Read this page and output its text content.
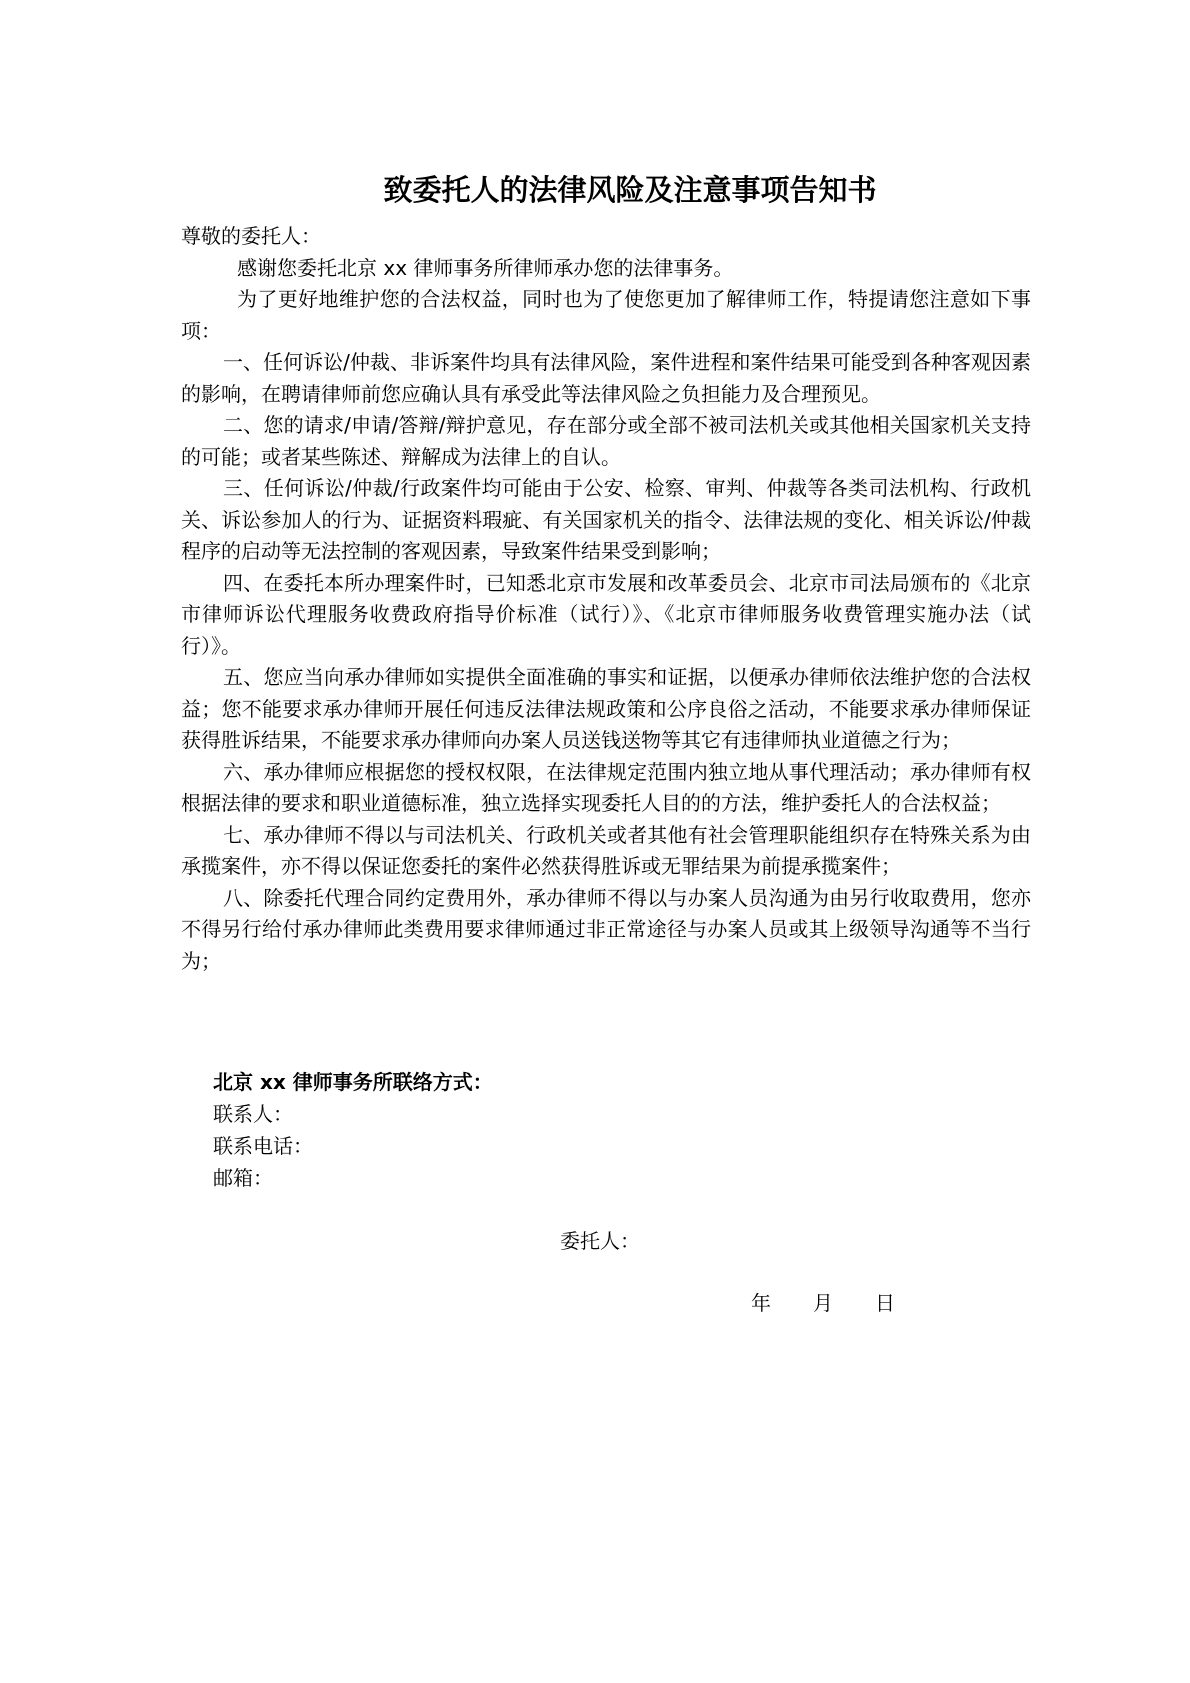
致委托人的法律风险及注意事项告知书

尊敬的委托人：

感谢您委托北京 xx 律师事务所律师承办您的法律事务。

为了更好地维护您的合法权益，同时也为了使您更加了解律师工作，特提请您注意如下事项：

一、任何诉讼/仲裁、非诉案件均具有法律风险，案件进程和案件结果可能受到各种客观因素的影响，在聘请律师前您应确认具有承受此等法律风险之负担能力及合理预见。

二、您的请求/申请/答辩/辩护意见，存在部分或全部不被司法机关或其他相关国家机关支持的可能；或者某些陈述、辩解成为法律上的自认。

三、任何诉讼/仲裁/行政案件均可能由于公安、检察、审判、仲裁等各类司法机构、行政机关、诉讼参加人的行为、证据资料瑕疵、有关国家机关的指令、法律法规的变化、相关诉讼/仲裁程序的启动等无法控制的客观因素，导致案件结果受到影响；

四、在委托本所办理案件时，已知悉北京市发展和改革委员会、北京市司法局颁布的《北京市律师诉讼代理服务收费政府指导价标准（试行）》、《北京市律师服务收费管理实施办法（试行）》。

五、您应当向承办律师如实提供全面准确的事实和证据，以便承办律师依法维护您的合法权益；您不能要求承办律师开展任何违反法律法规政策和公序良俗之活动，不能要求承办律师保证获得胜诉结果，不能要求承办律师向办案人员送钱送物等其它有违律师执业道德之行为；

六、承办律师应根据您的授权权限，在法律规定范围内独立地从事代理活动；承办律师有权根据法律的要求和职业道德标准，独立选择实现委托人目的的方法，维护委托人的合法权益；

七、承办律师不得以与司法机关、行政机关或者其他有社会管理职能组织存在特殊关系为由承揽案件，亦不得以保证您委托的案件必然获得胜诉或无罪结果为前提承揽案件；

八、除委托代理合同约定费用外，承办律师不得以与办案人员沟通为由另行收取费用，您亦不得另行给付承办律师此类费用要求律师通过非正常途径与办案人员或其上级领导沟通等不当行为；

北京 xx 律师事务所联络方式：
联系人：
联系电话：
邮箱：
委托人：
年 月 日
